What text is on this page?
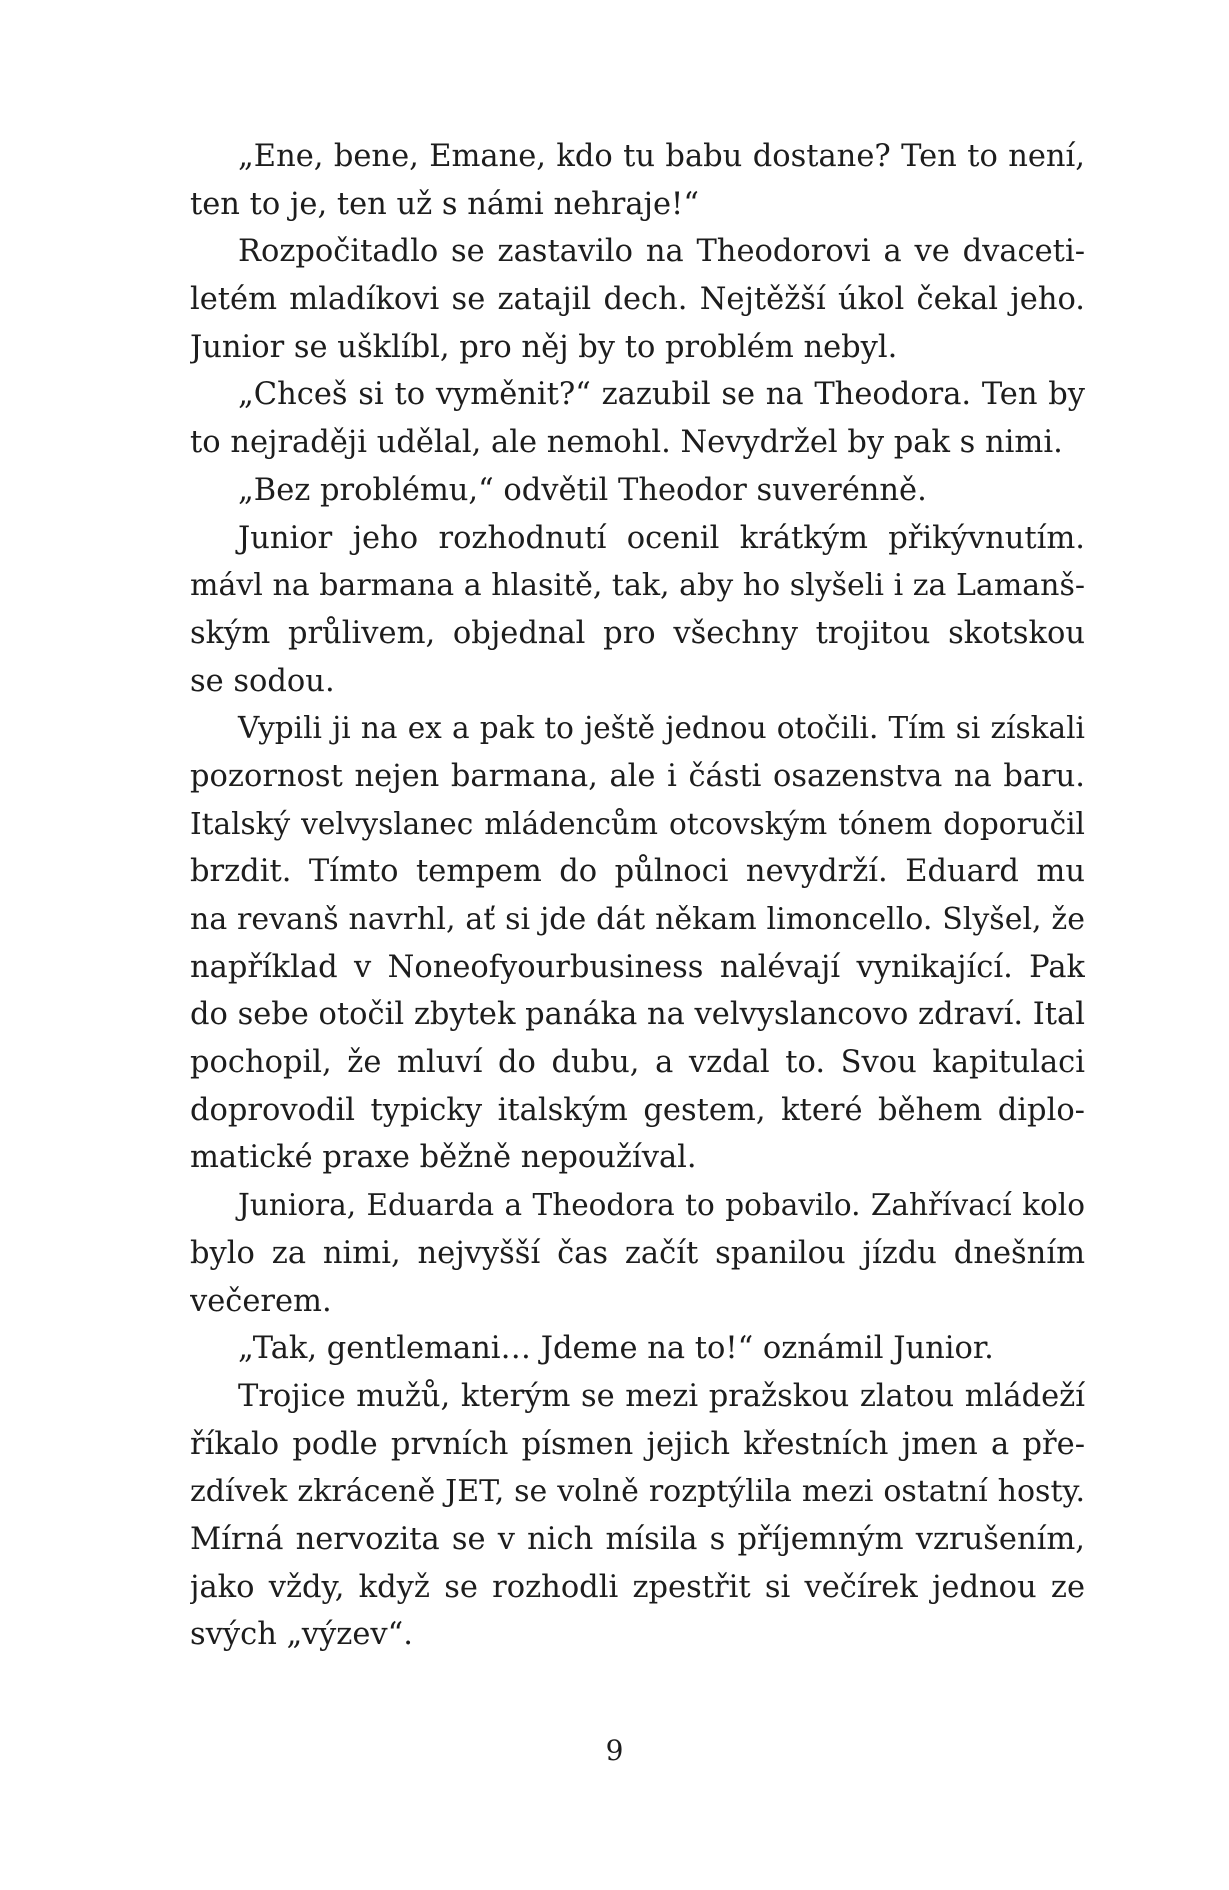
„Ene, bene, Emane, kdo tu babu dostane? Ten to není,
ten to je, ten už s námi nehraje!“
Rozpočitadlo se zastavilo na Theodorovi a ve dvaceti-
letém mladíkovi se zatajil dech. Nejtěžší úkol čekal jeho.
Junior se ušklíbl, pro něj by to problém nebyl.
„Chceš si to vyměnit?“ zazubil se na Theodora. Ten by
to nejraději udělal, ale nemohl. Nevydržel by pak s nimi.
„Bez problému,“ odvětil Theodor suverénně.
Junior jeho rozhodnutí ocenil krátkým přikývnutím.
mávl na barmana a hlasitě, tak, aby ho slyšeli i za Lamanš-
ským průlivem, objednal pro všechny trojitou skotskou
se sodou.
Vypili ji na ex a pak to ještě jednou otočili. Tím si získali
pozornost nejen barmana, ale i části osazenstva na baru.
Italský velvyslanec mládencům otcovským tónem doporučil
brzdit. Tímto tempem do půlnoci nevydrží. Eduard mu
na revanš navrhl, ať si jde dát někam limoncello. Slyšel, že
například v Noneofyourbusiness nalévají vynikající. Pak
do sebe otočil zbytek panáka na velvyslancovo zdraví. Ital
pochopil, že mluví do dubu, a vzdal to. Svou kapitulaci
doprovodil typicky italským gestem, které během diplo-
matické praxe běžně nepoužíval.
Juniora, Eduarda a Theodora to pobavilo. Zahřívací kolo
bylo za nimi, nejvyšší čas začít spanilou jízdu dnešním
večerem.
„Tak, gentlemani… Jdeme na to!“ oznámil Junior.
Trojice mužů, kterým se mezi pražskou zlatou mládeží
říkalo podle prvních písmen jejich křestních jmen a pře-
zdívek zkráceně JET, se volně rozptýlila mezi ostatní hosty.
Mírná nervozita se v nich mísila s příjemným vzrušením,
jako vždy, když se rozhodli zpestřit si večírek jednou ze
svých „výzev“.
9
